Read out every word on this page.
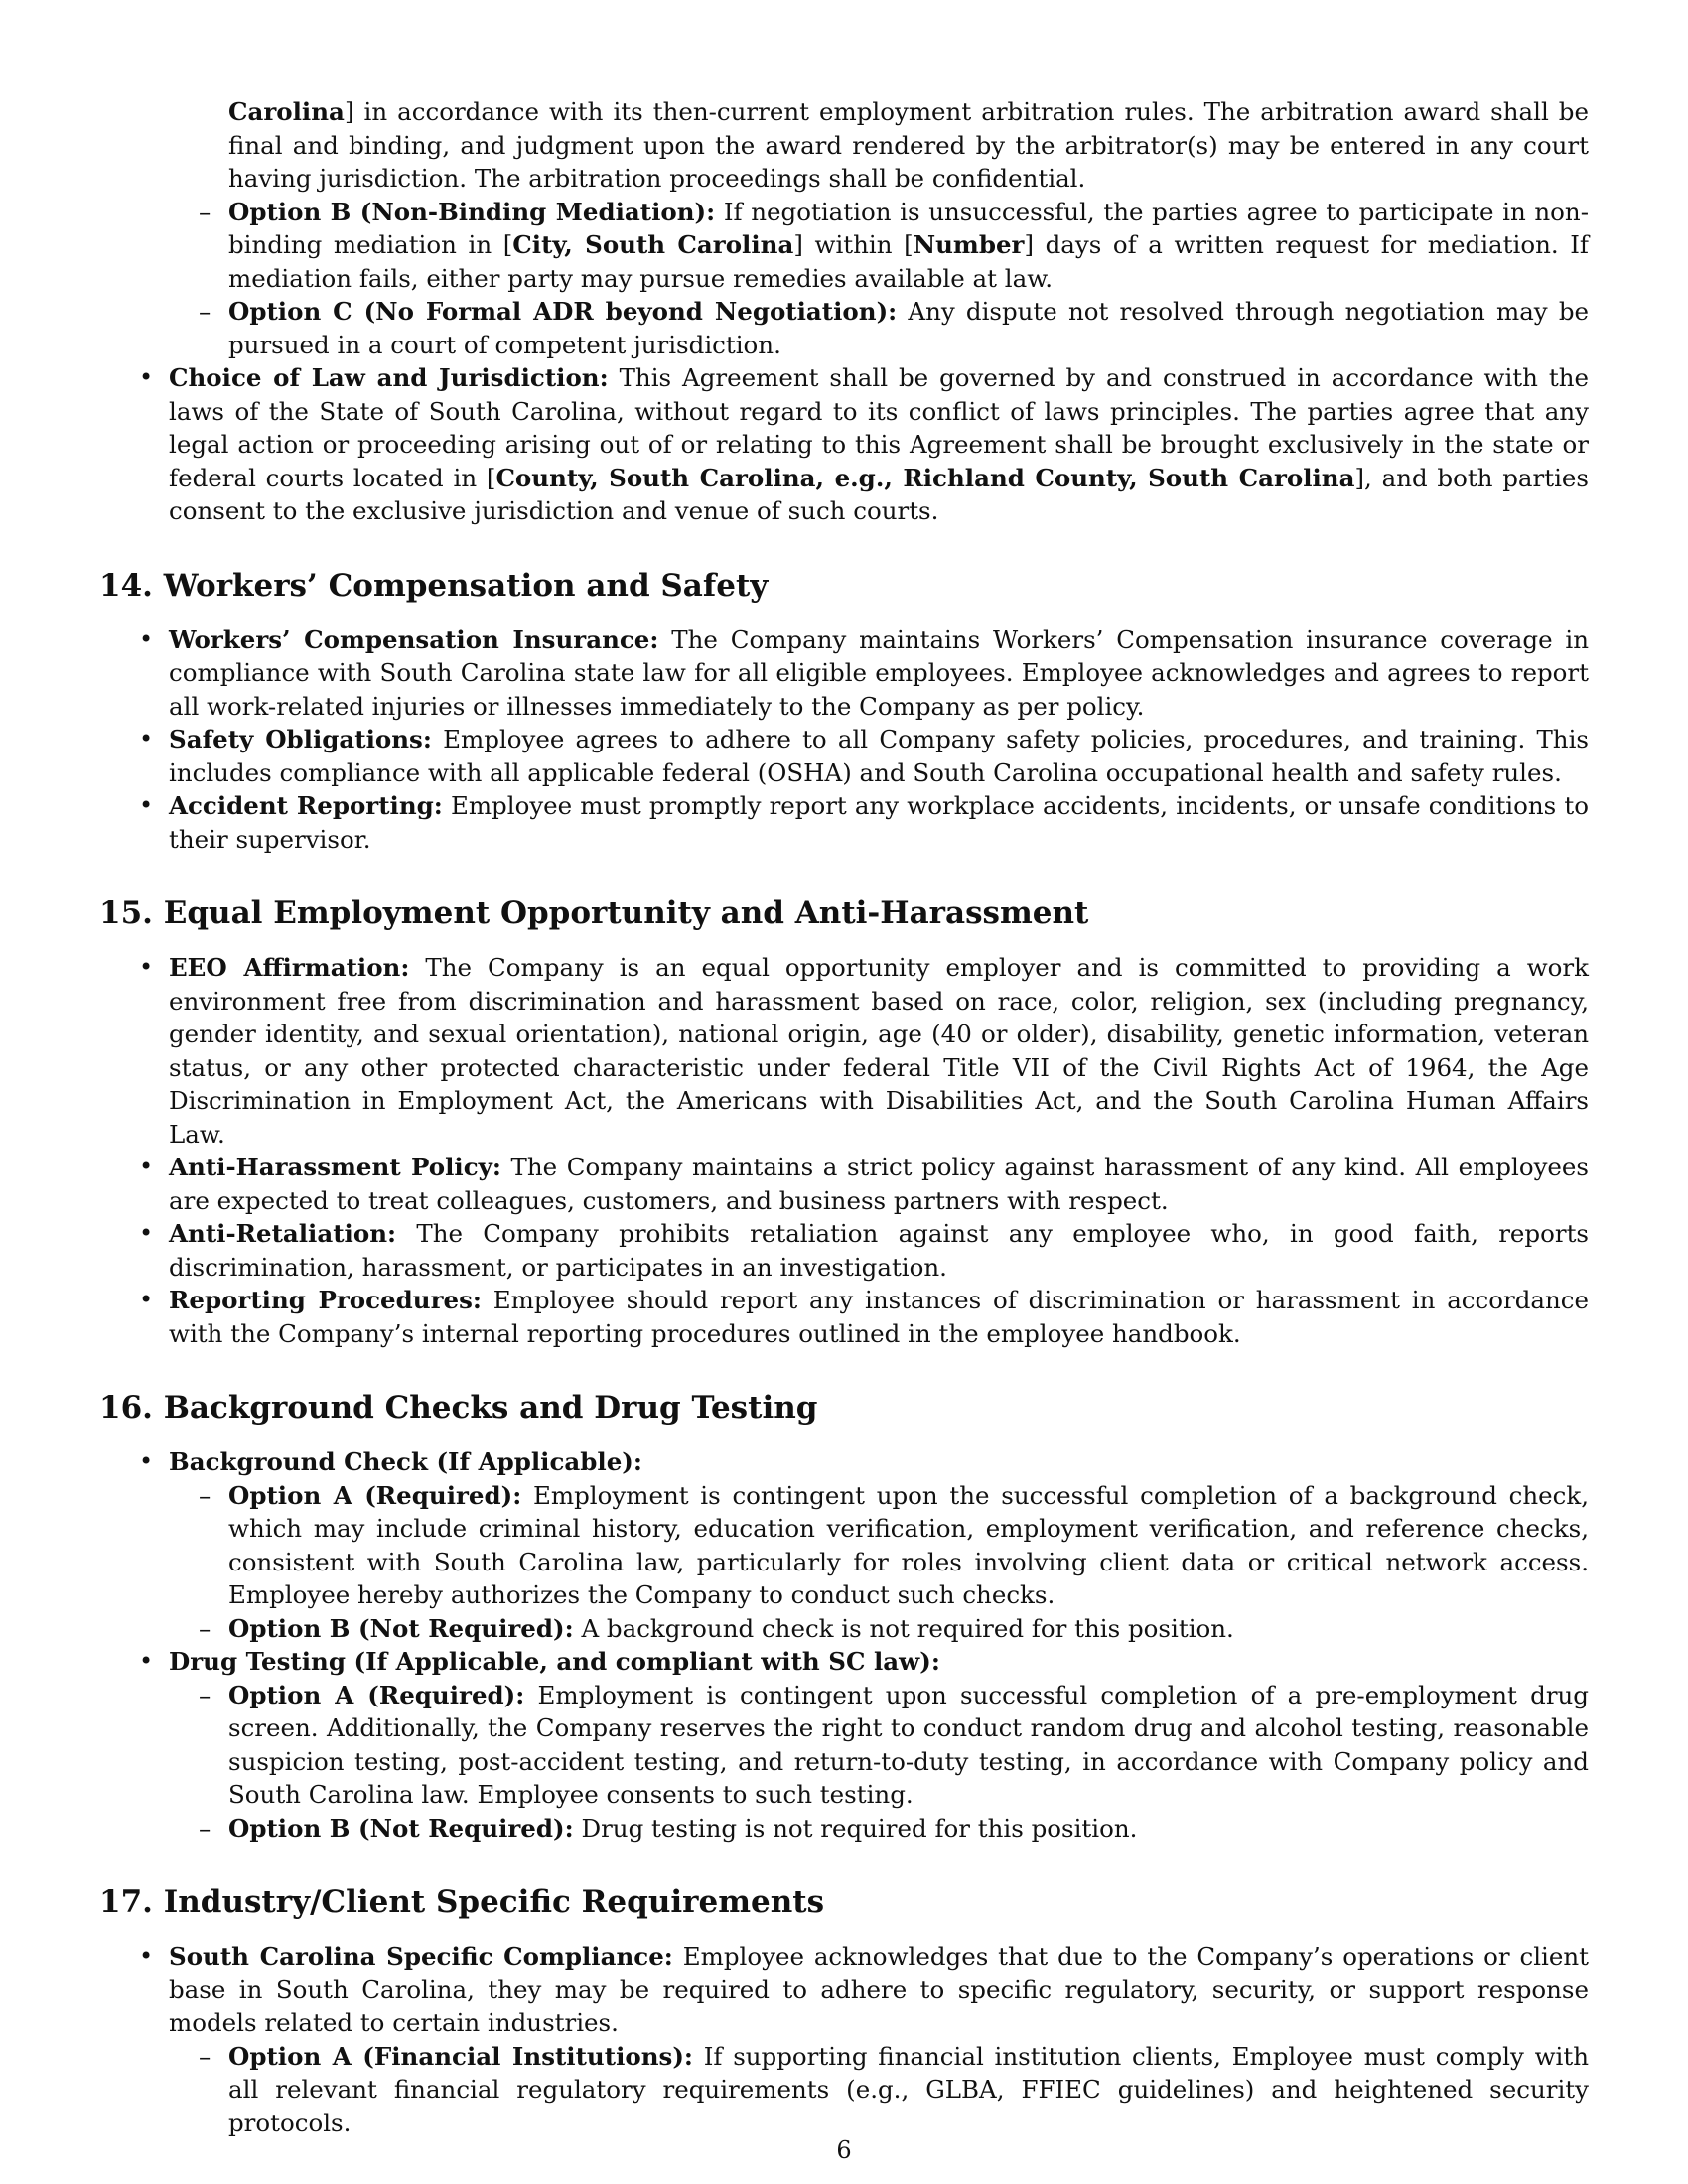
Carolina] in accordance with its then-current employment arbitration rules. The arbitration award shall be final and binding, and judgment upon the award rendered by the arbitrator(s) may be entered in any court having jurisdiction. The arbitration proceedings shall be confidential.

– Option B (Non-Binding Mediation): If negotiation is unsuccessful, the parties agree to participate in non-binding mediation in [City, South Carolina] within [Number] days of a written request for mediation. If mediation fails, either party may pursue remedies available at law.
– Option C (No Formal ADR beyond Negotiation): Any dispute not resolved through negotiation may be pursued in a court of competent jurisdiction.
• Choice of Law and Jurisdiction: This Agreement shall be governed by and construed in accordance with the laws of the State of South Carolina, without regard to its conflict of laws principles. The parties agree that any legal action or proceeding arising out of or relating to this Agreement shall be brought exclusively in the state or federal courts located in [County, South Carolina, e.g., Richland County, South Carolina], and both parties consent to the exclusive jurisdiction and venue of such courts.
14. Workers’ Compensation and Safety
• Workers’ Compensation Insurance: The Company maintains Workers’ Compensation insurance coverage in compliance with South Carolina state law for all eligible employees. Employee acknowledges and agrees to report all work-related injuries or illnesses immediately to the Company as per policy.
• Safety Obligations: Employee agrees to adhere to all Company safety policies, procedures, and training. This includes compliance with all applicable federal (OSHA) and South Carolina occupational health and safety rules.
• Accident Reporting: Employee must promptly report any workplace accidents, incidents, or unsafe conditions to their supervisor.
15. Equal Employment Opportunity and Anti-Harassment
• EEO Affirmation: The Company is an equal opportunity employer and is committed to providing a work environment free from discrimination and harassment based on race, color, religion, sex (including pregnancy, gender identity, and sexual orientation), national origin, age (40 or older), disability, genetic information, veteran status, or any other protected characteristic under federal Title VII of the Civil Rights Act of 1964, the Age Discrimination in Employment Act, the Americans with Disabilities Act, and the South Carolina Human Affairs Law.
• Anti-Harassment Policy: The Company maintains a strict policy against harassment of any kind. All employees are expected to treat colleagues, customers, and business partners with respect.
• Anti-Retaliation: The Company prohibits retaliation against any employee who, in good faith, reports discrimination, harassment, or participates in an investigation.
• Reporting Procedures: Employee should report any instances of discrimination or harassment in accordance with the Company’s internal reporting procedures outlined in the employee handbook.
16. Background Checks and Drug Testing
• Background Check (If Applicable):
– Option A (Required): Employment is contingent upon the successful completion of a background check, which may include criminal history, education verification, employment verification, and reference checks, consistent with South Carolina law, particularly for roles involving client data or critical network access. Employee hereby authorizes the Company to conduct such checks.
– Option B (Not Required): A background check is not required for this position.
• Drug Testing (If Applicable, and compliant with SC law):
– Option A (Required): Employment is contingent upon successful completion of a pre-employment drug screen. Additionally, the Company reserves the right to conduct random drug and alcohol testing, reasonable suspicion testing, post-accident testing, and return-to-duty testing, in accordance with Company policy and South Carolina law. Employee consents to such testing.
– Option B (Not Required): Drug testing is not required for this position.
17. Industry/Client Specific Requirements
• South Carolina Specific Compliance: Employee acknowledges that due to the Company’s operations or client base in South Carolina, they may be required to adhere to specific regulatory, security, or support response models related to certain industries.
– Option A (Financial Institutions): If supporting financial institution clients, Employee must comply with all relevant financial regulatory requirements (e.g., GLBA, FFIEC guidelines) and heightened security protocols.
6
